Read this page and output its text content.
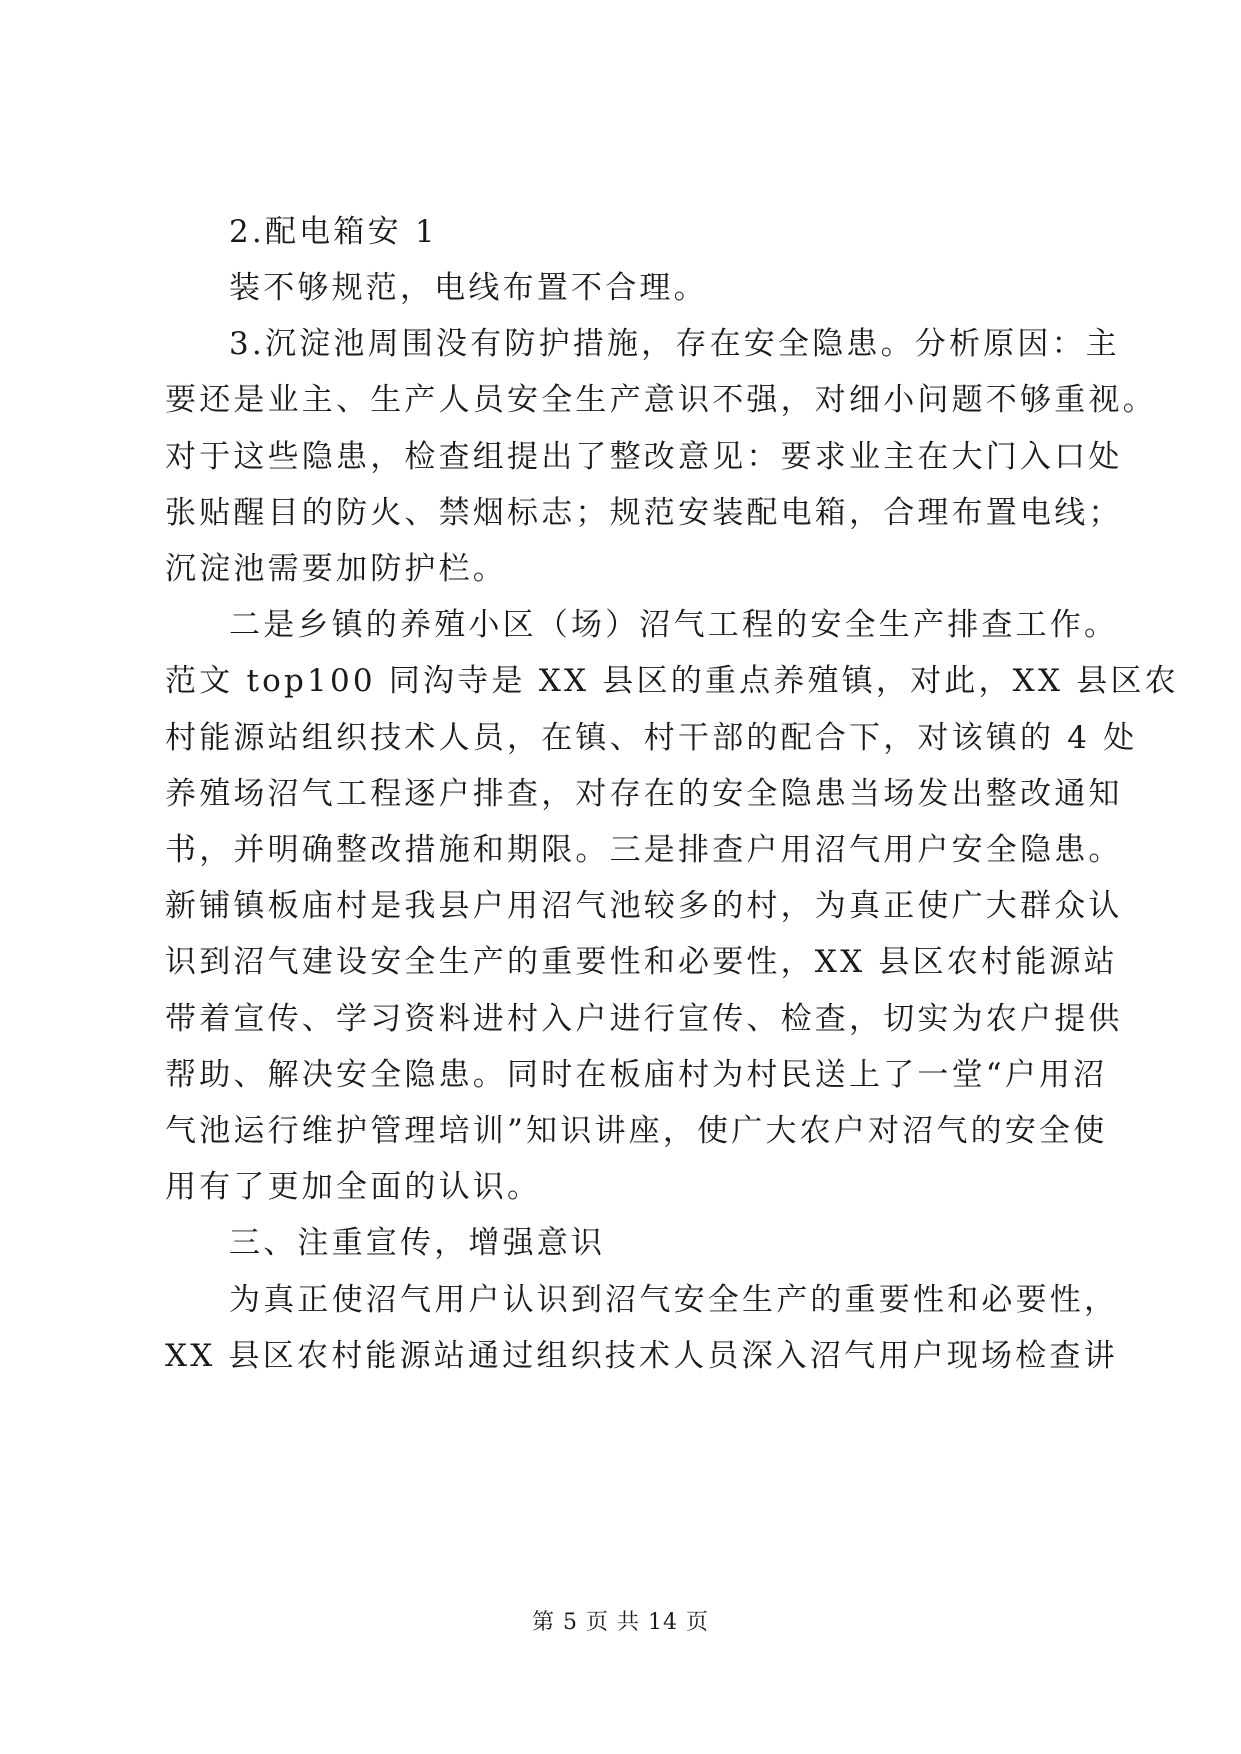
2.配电箱安 1
装不够规范，电线布置不合理。
3.沉淀池周围没有防护措施，存在安全隐患。分析原因：主
要还是业主、生产人员安全生产意识不强，对细小问题不够重视。
对于这些隐患，检查组提出了整改意见：要求业主在大门入口处
张贴醒目的防火、禁烟标志；规范安装配电箱，合理布置电线；
沉淀池需要加防护栏。
二是乡镇的养殖小区（场）沼气工程的安全生产排查工作。
范文 top100 同沟寺是 XX 县区的重点养殖镇，对此，XX 县区农
村能源站组织技术人员，在镇、村干部的配合下，对该镇的 4 处
养殖场沼气工程逐户排查，对存在的安全隐患当场发出整改通知
书，并明确整改措施和期限。三是排查户用沼气用户安全隐患。
新铺镇板庙村是我县户用沼气池较多的村，为真正使广大群众认
识到沼气建设安全生产的重要性和必要性，XX 县区农村能源站
带着宣传、学习资料进村入户进行宣传、检查，切实为农户提供
帮助、解决安全隐患。同时在板庙村为村民送上了一堂“户用沼
气池运行维护管理培训”知识讲座，使广大农户对沼气的安全使
用有了更加全面的认识。
三、注重宣传，增强意识
为真正使沼气用户认识到沼气安全生产的重要性和必要性，
XX 县区农村能源站通过组织技术人员深入沼气用户现场检查讲
第 5 页 共 14 页
